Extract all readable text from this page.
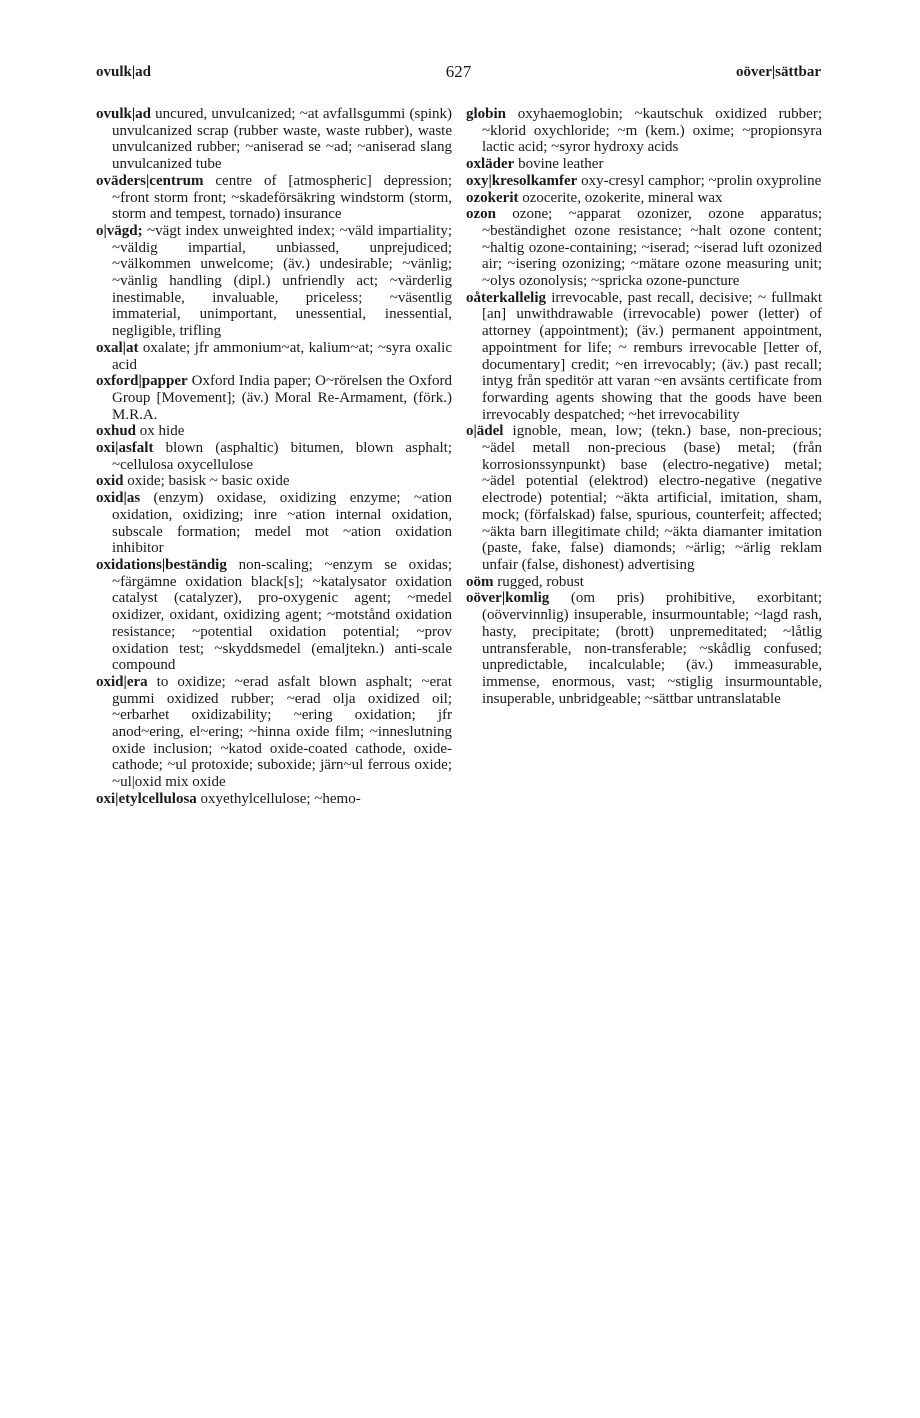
ovulk|ad	627	oöver|sättbar

ovulk|ad uncured, unvulcanized; ~at avfallsgummi (spink) unvulcanized scrap (rubber waste, waste rubber), waste unvulcanized rubber; ~aniserad se ~ad; ~aniserad slang unvulcanized tube

oväders|centrum centre of [atmospheric] depression; ~front storm front; ~skadeförsäkring windstorm (storm, storm and tempest, tornado) insurance

o|vägd; ~vägt index unweighted index; ~väld impartiality; ~väldig impartial, unbiassed, unprejudiced; ~välkommen unwelcome; (äv.) undesirable; ~vänlig; ~vänlig handling (dipl.) unfriendly act; ~värderlig inestimable, invaluable, priceless; ~väsentlig immaterial, unimportant, unessential, inessential, negligible, trifling

oxal|at oxalate; jfr ammonium~at, kalium~at; ~syra oxalic acid

oxford|papper Oxford India paper; O~rörelsen the Oxford Group [Movement]; (äv.) Moral Re-Armament, (förk.) M.R.A.

oxhud ox hide

oxi|asfalt blown (asphaltic) bitumen, blown asphalt; ~cellulosa oxycellulose

oxid oxide; basisk ~ basic oxide

oxid|as (enzym) oxidase, oxidizing enzyme; ~ation oxidation, oxidizing; inre ~ation internal oxidation, subscale formation; medel mot ~ation oxidation inhibitor

oxidations|beständig non-scaling; ~enzym se oxidas; ~färgämne oxidation black[s]; ~katalysator oxidation catalyst (catalyzer), pro-oxygenic agent; ~medel oxidizer, oxidant, oxidizing agent; ~motstånd oxidation resistance; ~potential oxidation potential; ~prov oxidation test; ~skyddsmedel (emaljtekn.) anti-scale compound

oxid|era to oxidize; ~erad asfalt blown asphalt; ~erat gummi oxidized rubber; ~erad olja oxidized oil; ~erbarhet oxidizability; ~ering oxidation; jfr anod~ering, el~ering; ~hinna oxide film; ~inneslutning oxide inclusion; ~katod oxide-coated cathode, oxide-cathode; ~ul protoxide; suboxide; järn~ul ferrous oxide; ~ul|oxid mix oxide

oxi|etylcellulosa oxyethylcellulose; ~hemo-

globin oxyhaemoglobin; ~kautschuk oxidized rubber; ~klorid oxychloride; ~m (kem.) oxime; ~propionsyra lactic acid; ~syror hydroxy acids

oxläder bovine leather

oxy|kresolkamfer oxy-cresyl camphor; ~prolin oxyproline

ozokerit ozocerite, ozokerite, mineral wax

ozon ozone; ~apparat ozonizer, ozone apparatus; ~beständighet ozone resistance; ~halt ozone content; ~haltig ozone-containing; ~iserad; ~iserad luft ozonized air; ~isering ozonizing; ~mätare ozone measuring unit; ~olys ozonolysis; ~spricka ozone-puncture

oåterkallelig irrevocable, past recall, decisive; ~ fullmakt [an] unwithdrawable (irrevocable) power (letter) of attorney (appointment); (äv.) permanent appointment, appointment for life; ~ remburs irrevocable [letter of, documentary] credit; ~en irrevocably; (äv.) past recall; intyg från speditör att varan ~en avsänts certificate from forwarding agents showing that the goods have been irrevocably despatched; ~het irrevocability

o|ädel ignoble, mean, low; (tekn.) base, non-precious; ~ädel metall non-precious (base) metal; (från korrosionssynpunkt) base (electro-negative) metal; ~ädel potential (elektrod) electro-negative (negative electrode) potential; ~äkta artificial, imitation, sham, mock; (förfalskad) false, spurious, counterfeit; affected; ~äkta barn illegitimate child; ~äkta diamanter imitation (paste, fake, false) diamonds; ~ärlig; ~ärlig reklam unfair (false, dishonest) advertising

oöm rugged, robust

oöver|komlig (om pris) prohibitive, exorbitant; (oövervinnlig) insuperable, insurmountable; ~lagd rash, hasty, precipitate; (brott) unpremeditated; ~låtlig untransferable, non-transferable; ~skådlig confused; unpredictable, incalculable; (äv.) immeasurable, immense, enormous, vast; ~stiglig insurmountable, insuperable, unbridgeable; ~sättbar untranslatable
